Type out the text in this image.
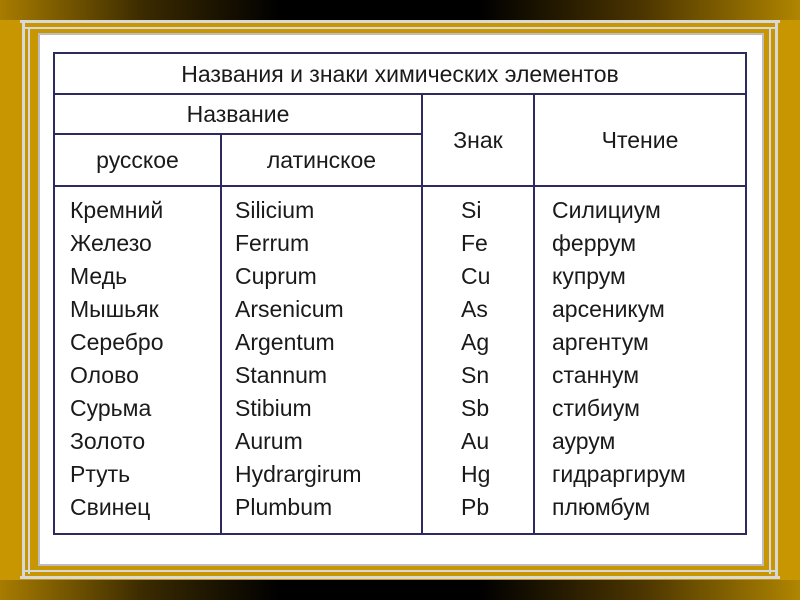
Названия и знаки химических элементов
Название
русское	латинское
Знак	Чтение
Кремний
Железо
Медь
Мышьяк
Серебро
Олово
Сурьма
Золото
Ртуть
Свинец
Silicium
Ferrum
Cuprum
Arsenicum
Argentum
Stannum
Stibium
Aurum
Hydrargirum
Plumbum
Si
Fe
Cu
As
Ag
Sn
Sb
Au
Hg
Pb
Силициум
феррум
купрум
арсеникум
аргентум
станнум
стибиум
аурум
гидраргирум
плюмбум
